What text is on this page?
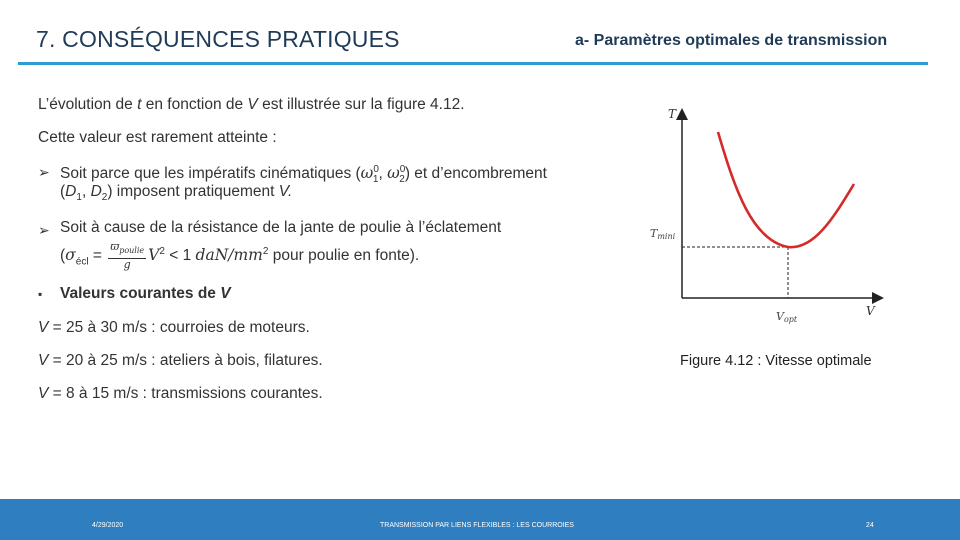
7. CONSÉQUENCES PRATIQUES	a- Paramètres optimales de transmission
L’évolution de t en fonction de V est illustrée sur la figure 4.12.
Cette valeur est rarement atteinte :
➢ Soit parce que les impératifs cinématiques ($\omega^0_1$, $\omega^0_2$) et d’encombrement
($D_1$, $D_2$) imposent pratiquement V.
➢ Soit à cause de la résistance de la jante de poulie à l’éclatement
($\sigma_{écl} = \frac{ϖ_{poulie}}{g} V^2 < 1$ daN/$mm^2$ pour poulie en fonte).
▪ Valeurs courantes de V
V = 25 à 30 m/s : courroies de moteurs.
V = 20 à 25 m/s : ateliers à bois, filatures.
V = 8 à 15 m/s : transmissions courantes.
T
V
Tmini
Vopt
Figure 4.12 : Vitesse optimale
4/29/2020	TRANSMISSION PAR LIENS FLEXIBLES : LES COURROIES	24
